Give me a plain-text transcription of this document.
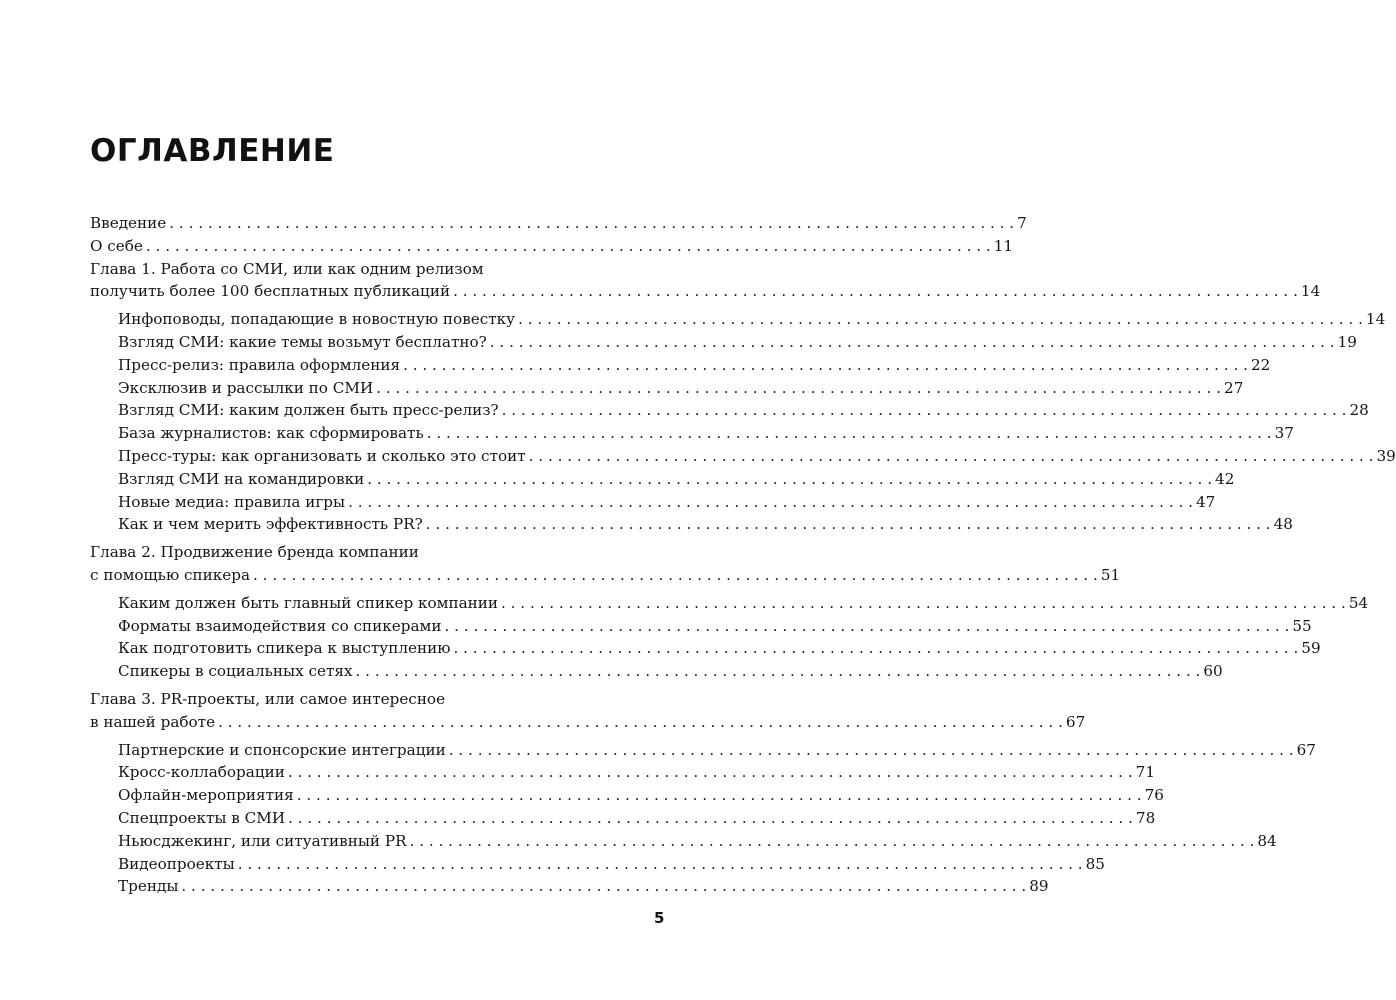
ОГЛАВЛЕНИЕ
Введение . . .	7
О себе . . .	11
Глава 1. Работа со СМИ, или как одним релизом
получить более 100 бесплатных публикаций . . .	14
Инфоповоды, попадающие в новостную повестку . . .	14
Взгляд СМИ: какие темы возьмут бесплатно? . . .	19
Пресс-релиз: правила оформления . . .	22
Эксклюзив и рассылки по СМИ . . .	27
Взгляд СМИ: каким должен быть пресс-релиз? . . .	28
База журналистов: как сформировать . . .	37
Пресс-туры: как организовать и сколько это стоит . . .	39
Взгляд СМИ на командировки . . .	42
Новые медиа: правила игры . . .	47
Как и чем мерить эффективность PR? . . .	48
Глава 2. Продвижение бренда компании
с помощью спикера . . .	51
Каким должен быть главный спикер компании . . .	54
Форматы взаимодействия со спикерами . . .	55
Как подготовить спикера к выступлению . . .	59
Спикеры в социальных сетях . . .	60
Глава 3. PR-проекты, или самое интересное
в нашей работе . . .	67
Партнерские и спонсорские интеграции . . .	67
Кросс-коллаборации . . .	71
Офлайн-мероприятия . . .	76
Спецпроекты в СМИ . . .	78
Ньюсджекинг, или ситуативный PR . . .	84
Видеопроекты . . .	85
Тренды . . .	89
5
